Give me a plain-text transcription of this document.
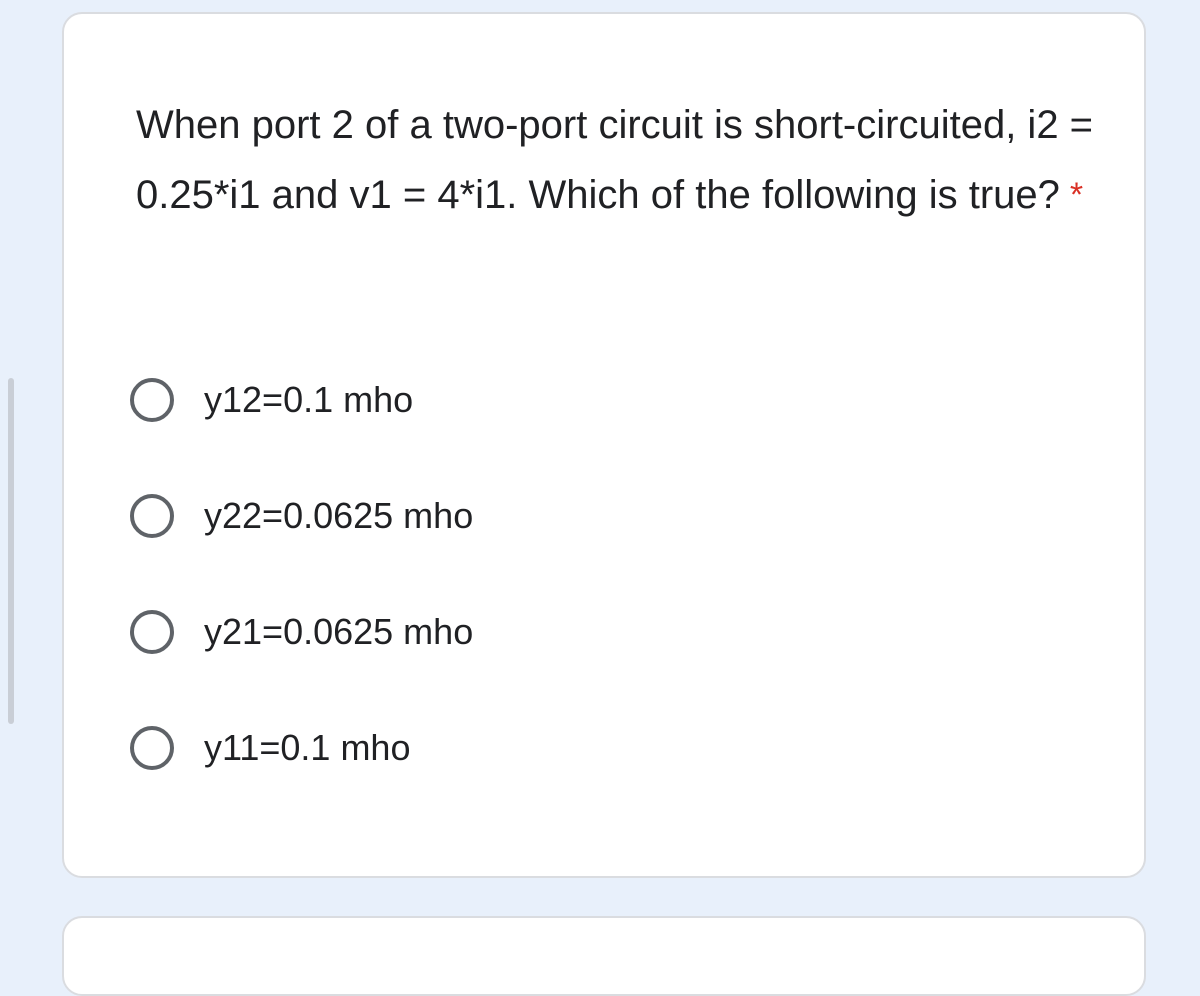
When port 2 of a two-port circuit is short-circuited, i2 = 0.25*i1 and v1 = 4*i1. Which of the following is true? *
y12=0.1 mho
y22=0.0625 mho
y21=0.0625 mho
y11=0.1 mho
